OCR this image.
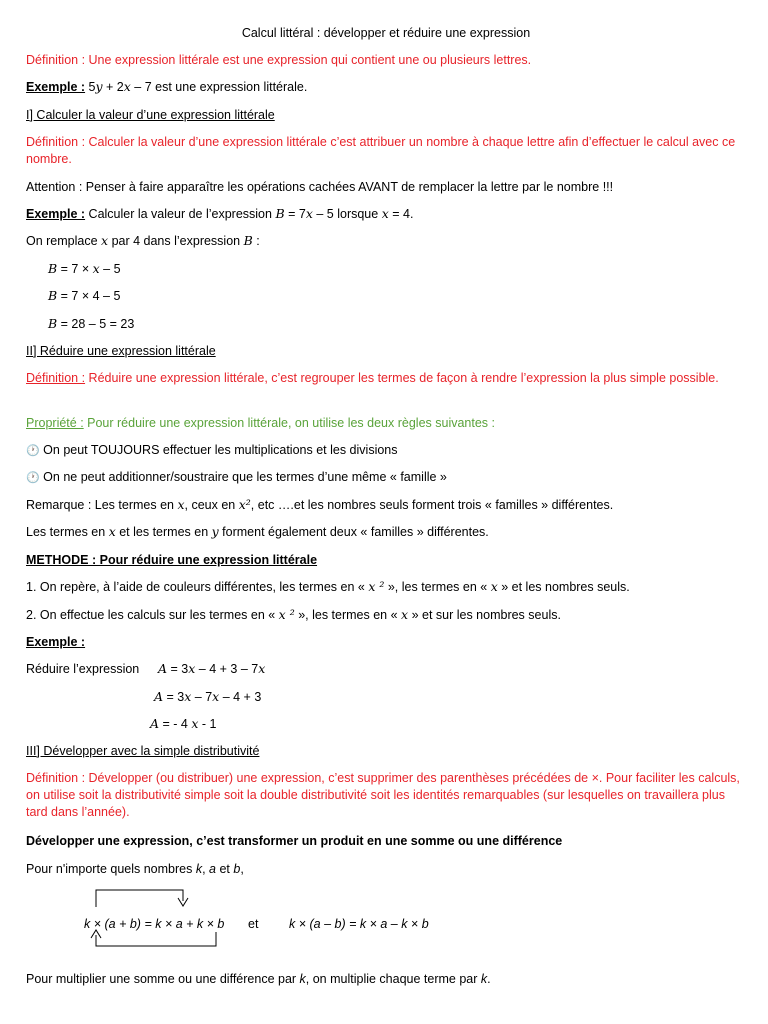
Calcul littéral : développer et réduire une expression
Définition : Une expression littérale est une expression qui contient une ou plusieurs lettres.
Exemple : 5y + 2x – 7 est une expression littérale.
I] Calculer la valeur d’une expression littérale
Définition : Calculer la valeur d’une expression littérale c’est attribuer un nombre à chaque lettre afin d’effectuer le calcul avec ce nombre.
Attention : Penser à faire apparaître les opérations cachées AVANT de remplacer la lettre par le nombre !!!
Exemple : Calculer la valeur de l’expression B = 7x – 5 lorsque x = 4.
On remplace x par 4 dans l’expression B :
B = 7 × x – 5
B = 7 × 4 – 5
B = 28 – 5 = 23
II] Réduire une expression littérale
Définition : Réduire une expression littérale, c’est regrouper les termes de façon à rendre l’expression la plus simple possible.
Propriété : Pour réduire une expression littérale, on utilise les deux règles suivantes :
🕐 On peut TOUJOURS effectuer les multiplications et les divisions
🕐 On ne peut additionner/soustraire que les termes d’une même « famille »
Remarque : Les termes en x, ceux en x², etc ….et les nombres seuls forment trois « familles » différentes.
Les termes en x et les termes en y forment également deux « familles » différentes.
METHODE : Pour réduire une expression littérale
1. On repère, à l’aide de couleurs différentes, les termes en « x ² », les termes en « x » et les nombres seuls.
2. On effectue les calculs sur les termes en « x ² », les termes en « x » et sur les nombres seuls.
Exemple :
Réduire l’expression A = 3x – 4 + 3 – 7x
A = 3x – 7x – 4 + 3
A = - 4 x - 1
III] Développer avec la simple distributivité
Définition : Développer (ou distribuer) une expression, c’est supprimer des parenthèses précédées de ×. Pour faciliter les calculs, on utilise soit la distributivité simple soit la double distributivité soit les identités remarquables (sur lesquelles on travaillera plus tard dans l’année).
Développer une expression, c’est transformer un produit en une somme ou une différence
Pour n'importe quels nombres k, a et b,
k × (a + b) = k × a + k × b et k × (a – b) = k × a – k × b
Pour multiplier une somme ou une différence par k, on multiplie chaque terme par k.
